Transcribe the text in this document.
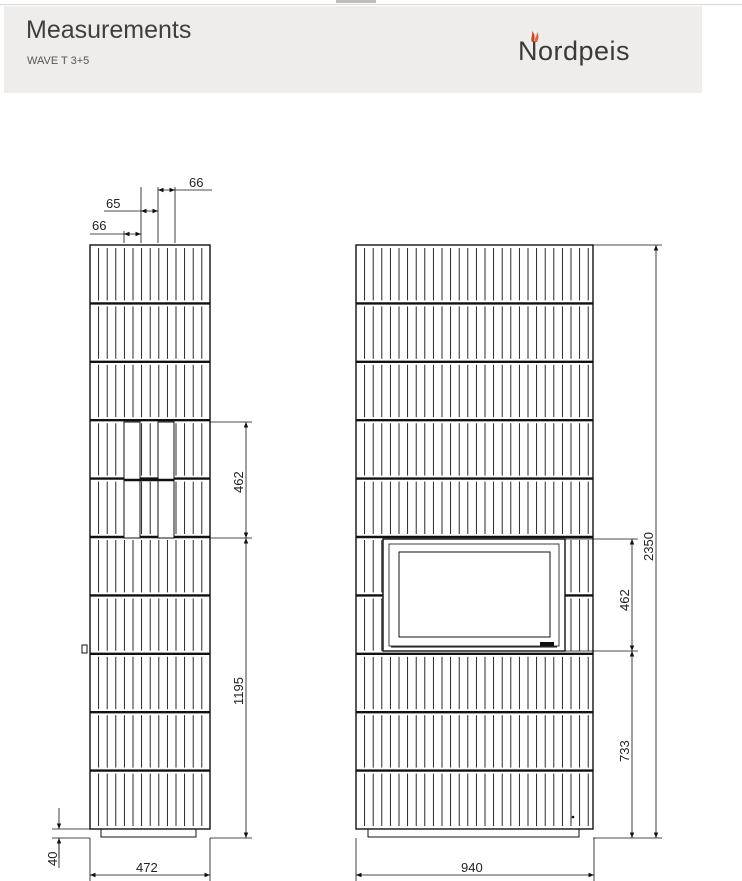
Measurements
WAVE T 3+5	Nordpeis
66
65
66
462
1195
40
472
2350
462
733
940
